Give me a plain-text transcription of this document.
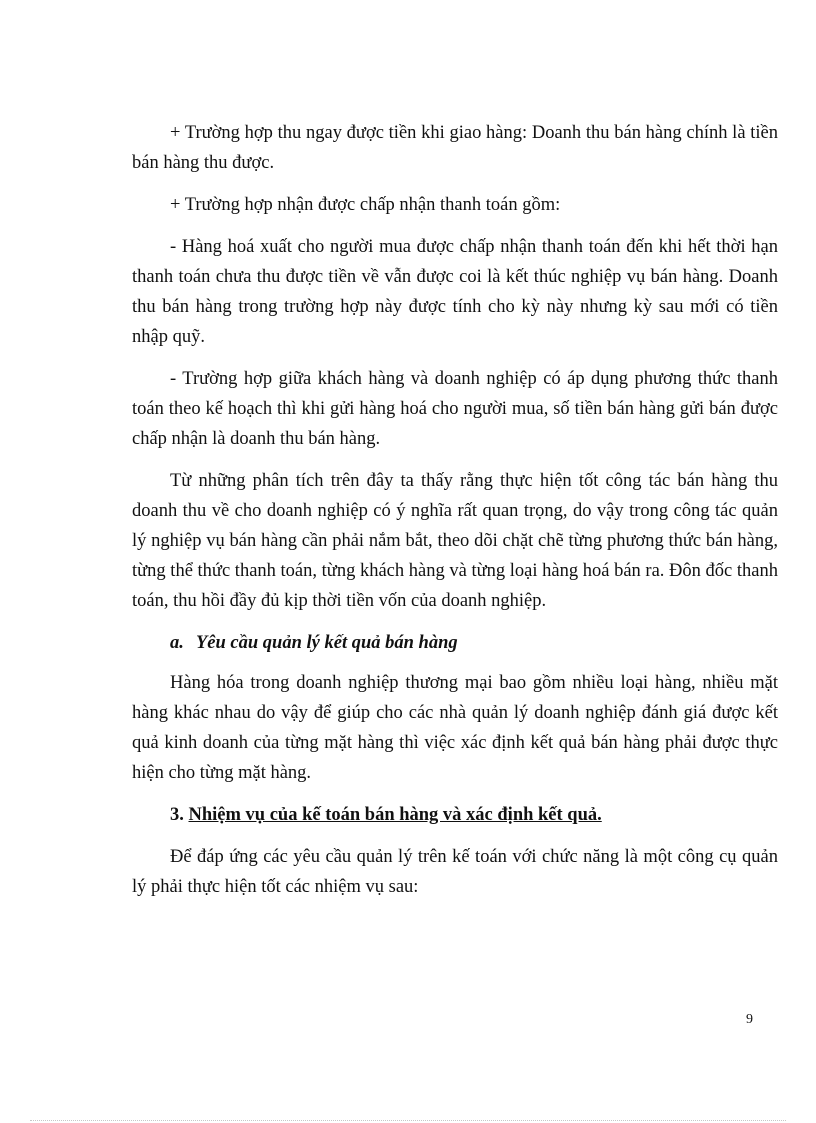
+ Trường hợp thu ngay được tiền khi giao hàng: Doanh thu bán hàng chính là tiền bán hàng thu được.

+ Trường hợp nhận được chấp nhận thanh toán gồm:

- Hàng hoá xuất cho người mua được chấp nhận thanh toán đến khi hết thời hạn thanh toán chưa thu được tiền về vẫn được coi là kết thúc nghiệp vụ bán hàng. Doanh thu bán hàng trong trường hợp này được tính cho kỳ này nhưng kỳ sau mới có tiền nhập quỹ.

- Trường hợp giữa khách hàng và doanh nghiệp có áp dụng phương thức thanh toán theo kế hoạch thì khi gửi hàng hoá cho người mua, số tiền bán hàng gửi bán được chấp nhận là doanh thu bán hàng.

Từ những phân tích trên đây ta thấy rằng thực hiện tốt công tác bán hàng thu doanh thu về cho doanh nghiệp có ý nghĩa rất quan trọng, do vậy trong công tác quản lý nghiệp vụ bán hàng cần phải nắm bắt, theo dõi chặt chẽ từng phương thức bán hàng, từng thể thức thanh toán, từng khách hàng và từng loại hàng hoá bán ra. Đôn đốc thanh toán, thu hồi đầy đủ kịp thời tiền vốn của doanh nghiệp.

a. Yêu cầu quản lý kết quả bán hàng

Hàng hóa trong doanh nghiệp thương mại bao gồm nhiều loại hàng, nhiều mặt hàng khác nhau do vậy để giúp cho các nhà quản lý doanh nghiệp đánh giá được kết quả kinh doanh của từng mặt hàng thì việc xác định kết quả bán hàng phải được thực hiện cho từng mặt hàng.

3. Nhiệm vụ của kế toán bán hàng và xác định kết quả.

Để đáp ứng các yêu cầu quản lý trên kế toán với chức năng là một công cụ quản lý phải thực hiện tốt các nhiệm vụ sau:

9
